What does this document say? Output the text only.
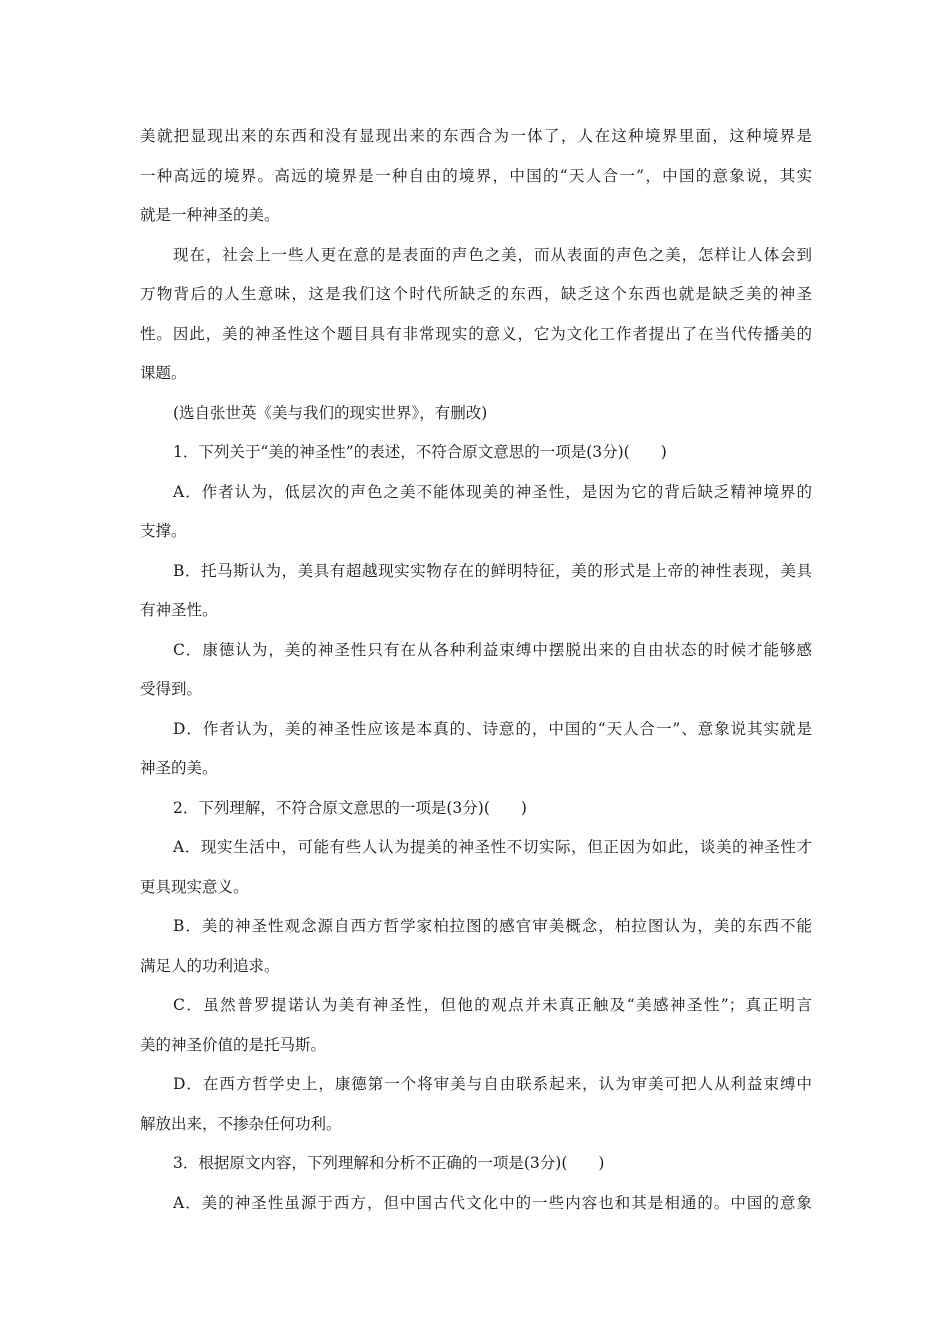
美就把显现出来的东西和没有显现出来的东西合为一体了，人在这种境界里面，这种境界是
一种高远的境界。高远的境界是一种自由的境界，中国的“天人合一”，中国的意象说，其实
就是一种神圣的美。
现在，社会上一些人更在意的是表面的声色之美，而从表面的声色之美，怎样让人体会到
万物背后的人生意味，这是我们这个时代所缺乏的东西，缺乏这个东西也就是缺乏美的神圣
性。因此，美的神圣性这个题目具有非常现实的意义，它为文化工作者提出了在当代传播美的
课题。
(选自张世英《美与我们的现实世界》，有删改)
1．下列关于“美的神圣性”的表述，不符合原文意思的一项是(3分)(　　)
A．作者认为，低层次的声色之美不能体现美的神圣性，是因为它的背后缺乏精神境界的
支撑。
B．托马斯认为，美具有超越现实实物存在的鲜明特征，美的形式是上帝的神性表现，美具
有神圣性。
C．康德认为，美的神圣性只有在从各种利益束缚中摆脱出来的自由状态的时候才能够感
受得到。
D．作者认为，美的神圣性应该是本真的、诗意的，中国的“天人合一”、意象说其实就是
神圣的美。
2．下列理解，不符合原文意思的一项是(3分)(　　)
A．现实生活中，可能有些人认为提美的神圣性不切实际，但正因为如此，谈美的神圣性才
更具现实意义。
B．美的神圣性观念源自西方哲学家柏拉图的感官审美概念，柏拉图认为，美的东西不能
满足人的功利追求。
C．虽然普罗提诺认为美有神圣性，但他的观点并未真正触及“美感神圣性”；真正明言
美的神圣价值的是托马斯。
D．在西方哲学史上，康德第一个将审美与自由联系起来，认为审美可把人从利益束缚中
解放出来，不掺杂任何功利。
3．根据原文内容，下列理解和分析不正确的一项是(3分)(　　)
A．美的神圣性虽源于西方，但中国古代文化中的一些内容也和其是相通的。中国的意象
